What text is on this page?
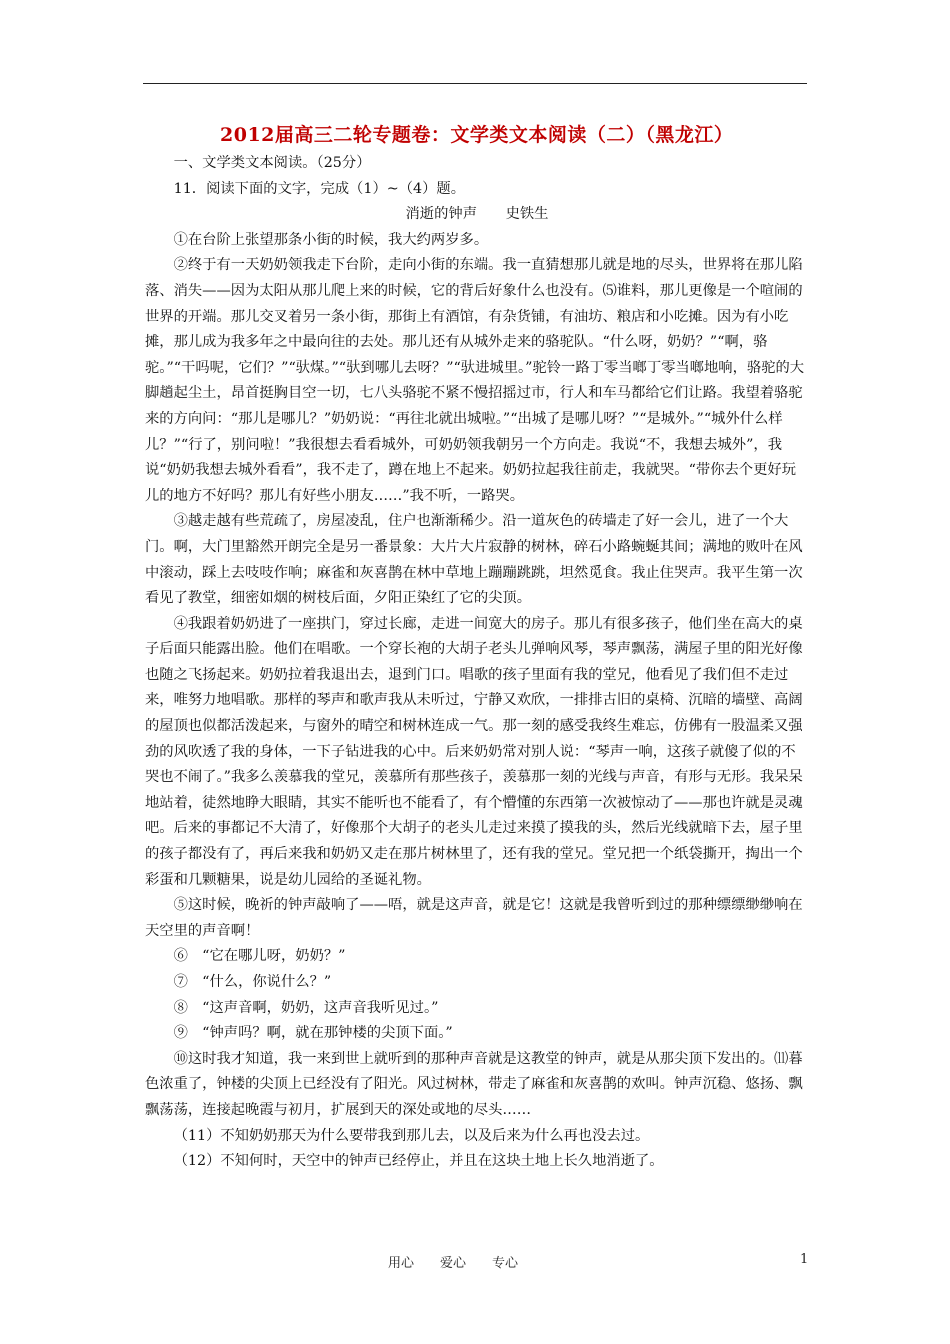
2012届高三二轮专题卷：文学类文本阅读（二）（黑龙江）

一、文学类文本阅读。（25分）

11．阅读下面的文字，完成（1）~（4）题。

消逝的钟声　　史铁生

①在台阶上张望那条小街的时候，我大约两岁多。

②终于有一天奶奶领我走下台阶，走向小街的东端。我一直猜想那儿就是地的尽头，世界将在那儿陷落、消失——因为太阳从那儿爬上来的时候，它的背后好象什么也没有。⑸谁料，那儿更像是一个喧闹的世界的开端。那儿交叉着另一条小街，那街上有酒馆，有杂货铺，有油坊、粮店和小吃摊。因为有小吃摊，那儿成为我多年之中最向往的去处。那儿还有从城外走来的骆驼队。“什么呀，奶奶？”“啊，骆驼。”“干吗呢，它们？”“驮煤。”“驮到哪儿去呀？”“驮进城里。”驼铃一路丁零当啷丁零当啷地响，骆驼的大脚趟起尘土，昂首挺胸目空一切，七八头骆驼不紧不慢招摇过市，行人和车马都给它们让路。我望着骆驼来的方向问：“那儿是哪儿？”奶奶说：“再往北就出城啦。”“出城了是哪儿呀？”“是城外。”“城外什么样儿？”“行了，别问啦！”我很想去看看城外，可奶奶领我朝另一个方向走。我说“不，我想去城外”，我说“奶奶我想去城外看看”，我不走了，蹲在地上不起来。奶奶拉起我往前走，我就哭。“带你去个更好玩儿的地方不好吗？那儿有好些小朋友……”我不听，一路哭。

③越走越有些荒疏了，房屋凌乱，住户也渐渐稀少。沿一道灰色的砖墙走了好一会儿，进了一个大门。啊，大门里豁然开朗完全是另一番景象：大片大片寂静的树林，碎石小路蜿蜒其间；满地的败叶在风中滚动，踩上去吱吱作响；麻雀和灰喜鹊在林中草地上蹦蹦跳跳，坦然觅食。我止住哭声。我平生第一次看见了教堂，细密如烟的树枝后面，夕阳正染红了它的尖顶。

④我跟着奶奶进了一座拱门，穿过长廊，走进一间宽大的房子。那儿有很多孩子，他们坐在高大的桌子后面只能露出脸。他们在唱歌。一个穿长袍的大胡子老头儿弹响风琴，琴声飘荡，满屋子里的阳光好像也随之飞扬起来。奶奶拉着我退出去，退到门口。唱歌的孩子里面有我的堂兄，他看见了我们但不走过来，唯努力地唱歌。那样的琴声和歌声我从未听过，宁静又欢欣，一排排古旧的桌椅、沉暗的墙壁、高阔的屋顶也似都活泼起来，与窗外的晴空和树林连成一气。那一刻的感受我终生难忘，仿佛有一股温柔又强劲的风吹透了我的身体，一下子钻进我的心中。后来奶奶常对别人说：“琴声一响，这孩子就傻了似的不哭也不闹了。”我多么羡慕我的堂兄，羡慕所有那些孩子，羡慕那一刻的光线与声音，有形与无形。我呆呆地站着，徒然地睁大眼睛，其实不能听也不能看了，有个懵懂的东西第一次被惊动了——那也许就是灵魂吧。后来的事都记不大清了，好像那个大胡子的老头儿走过来摸了摸我的头，然后光线就暗下去，屋子里的孩子都没有了，再后来我和奶奶又走在那片树林里了，还有我的堂兄。堂兄把一个纸袋撕开，掏出一个彩蛋和几颗糖果，说是幼儿园给的圣诞礼物。

⑤这时候，晚祈的钟声敲响了——唔，就是这声音，就是它！这就是我曾听到过的那种缥缥缈缈响在天空里的声音啊！

⑥　“它在哪儿呀，奶奶？”

⑦　“什么，你说什么？”

⑧　“这声音啊，奶奶，这声音我听见过。”

⑨　“钟声吗？啊，就在那钟楼的尖顶下面。”

⑩这时我才知道，我一来到世上就听到的那种声音就是这教堂的钟声，就是从那尖顶下发出的。⑾暮色浓重了，钟楼的尖顶上已经没有了阳光。风过树林，带走了麻雀和灰喜鹊的欢叫。钟声沉稳、悠扬、飘飘荡荡，连接起晚霞与初月，扩展到天的深处或地的尽头……

（11）不知奶奶那天为什么要带我到那儿去，以及后来为什么再也没去过。

（12）不知何时，天空中的钟声已经停止，并且在这块土地上长久地消逝了。

用心　　爱心　　专心	1
